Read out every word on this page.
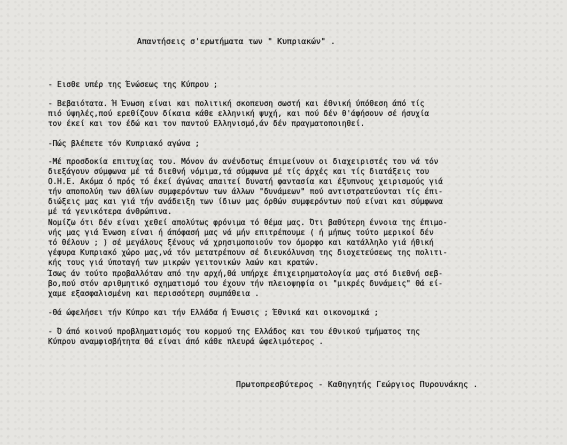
Απαντήσεις σ'ερωτήματα των " Κυπριακών" .
- Εισθε υπέρ της Ένώσεως της Κύπρου ;
- Βεβαιότατα. Ή Ένωση είναι και πολιτική σκοπευση σωστή και έθνική ύπόθεση άπό τίς
πιό ύψηλές,πού ερεθίζουν δίκαια κάθε ελληνική ψυχή, και πού δέν θ'άφήσουν σέ ήσυχία
τον έκεί και τον έδώ και τον παντού Ελληνισμό,άν δέν πραγματοποιηθεί.
-Πώς βλέπετε τόν Κυπριακό αγώνα ;
-Μέ προσδοκία επιτυχίας του. Μόνον άν ανένδοτως έπιμείνουν οι διαχειριστές του νά τόν
διεξάγουν σύμφωνα μέ τά διεθνή νόμιμα,τά σύμφωνα μέ τίς άρχές και τίς διατάξεις του
Ο.Η.Ε. Ακόμα ό πρός τό έκεί άγώνας απαιτεί δυνατή φαντασία και έξυπνους χειρισμούς γιά
τήν αποπολύη των άθλίων συμφερόντων των άλλων "δυνάμεων" πού αντιστρατεύονται τίς έπι-
διώξεις μας και γιά τήν ανάδειξη των ίδιων μας όρθών συμφερόντων πού είναι και σύμφωνα
μέ τά γενικότερα άνθρώπινα.
Νομίζω ότι δέν είναι χεθεί απολύτως φρόνιμα τό θέμα μας. Ότι βαθύτερη έννοια της έπιμο-
νής μας γιά Ένωση είναι ή άπόφασή μας νά μήν επιτρέπουμε ( ή μήπως τούτο μερικοί δέν
τό θέλουν ; ) σέ μεγάλους ξένους νά χρησιμοποιούν τον όμορφο και κατάλληλο γιά ήθική
γέφυρα Κυπριακό χώρο μας,νά τόν μετατρέπουν σέ διευκόλυνση της διοχετεύσεως της πολιτι-
κής τους γιά ύποταγή των μικρών γειτονικών λαών και κρατών.
Ίσως άν τούτο προβαλλόταν από την αρχή,θά υπήρχε έπιχειρηματολογία μας στό διεθνή σεβ-
βο,πού στόν αριθμητικό σχηματισμό του έχουν τήν πλειοψηφία οι "μικρές δυνάμεις" θά εί-
χαμε εξασφαλισμένη και περισσότερη συμπάθεια .
-Θά ώφελήσει τήν Κύπρο και τήν Ελλάδα ή Ένωσις ; Έθνικά και οικονομικά ;
- Ό άπό κοινού προβληματισμός του κορμού της Ελλάδος και του έθνικού τμήματος της
Κύπρου αναμφισβήτητα θά είναι άπό κάθε πλευρά ώφελιμότερος .
Πρωτοπρεσβύτερος - Καθηγητής Γεώργιος Πυρουνάκης .
